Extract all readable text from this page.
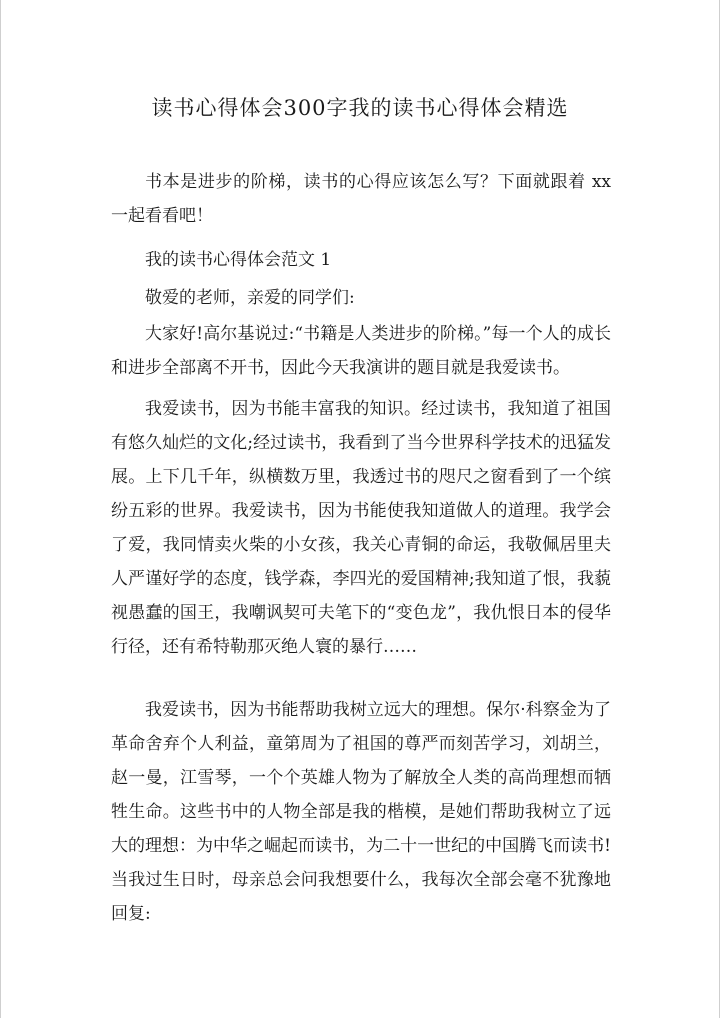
读书心得体会300字我的读书心得体会精选

书本是进步的阶梯，读书的心得应该怎么写？下面就跟着 xx 一起看看吧！

我的读书心得体会范文 1

敬爱的老师，亲爱的同学们:

大家好!高尔基说过:“书籍是人类进步的阶梯。”每一个人的成长和进步全部离不开书，因此今天我演讲的题目就是我爱读书。

我爱读书，因为书能丰富我的知识。经过读书，我知道了祖国有悠久灿烂的文化;经过读书，我看到了当今世界科学技术的迅猛发展。上下几千年，纵横数万里，我透过书的咫尺之窗看到了一个缤纷五彩的世界。我爱读书，因为书能使我知道做人的道理。我学会了爱，我同情卖火柴的小女孩，我关心青铜的命运，我敬佩居里夫人严谨好学的态度，钱学森，李四光的爱国精神;我知道了恨，我藐视愚蠢的国王，我嘲讽契可夫笔下的“变色龙”，我仇恨日本的侵华行径，还有希特勒那灭绝人寰的暴行……

我爱读书，因为书能帮助我树立远大的理想。保尔·科察金为了革命舍弃个人利益，童第周为了祖国的尊严而刻苦学习，刘胡兰，赵一曼，江雪琴，一个个英雄人物为了解放全人类的高尚理想而牺牲生命。这些书中的人物全部是我的楷模，是她们帮助我树立了远大的理想：为中华之崛起而读书，为二十一世纪的中国腾飞而读书!当我过生日时，母亲总会问我想要什么，我每次全部会毫不犹豫地回复:
